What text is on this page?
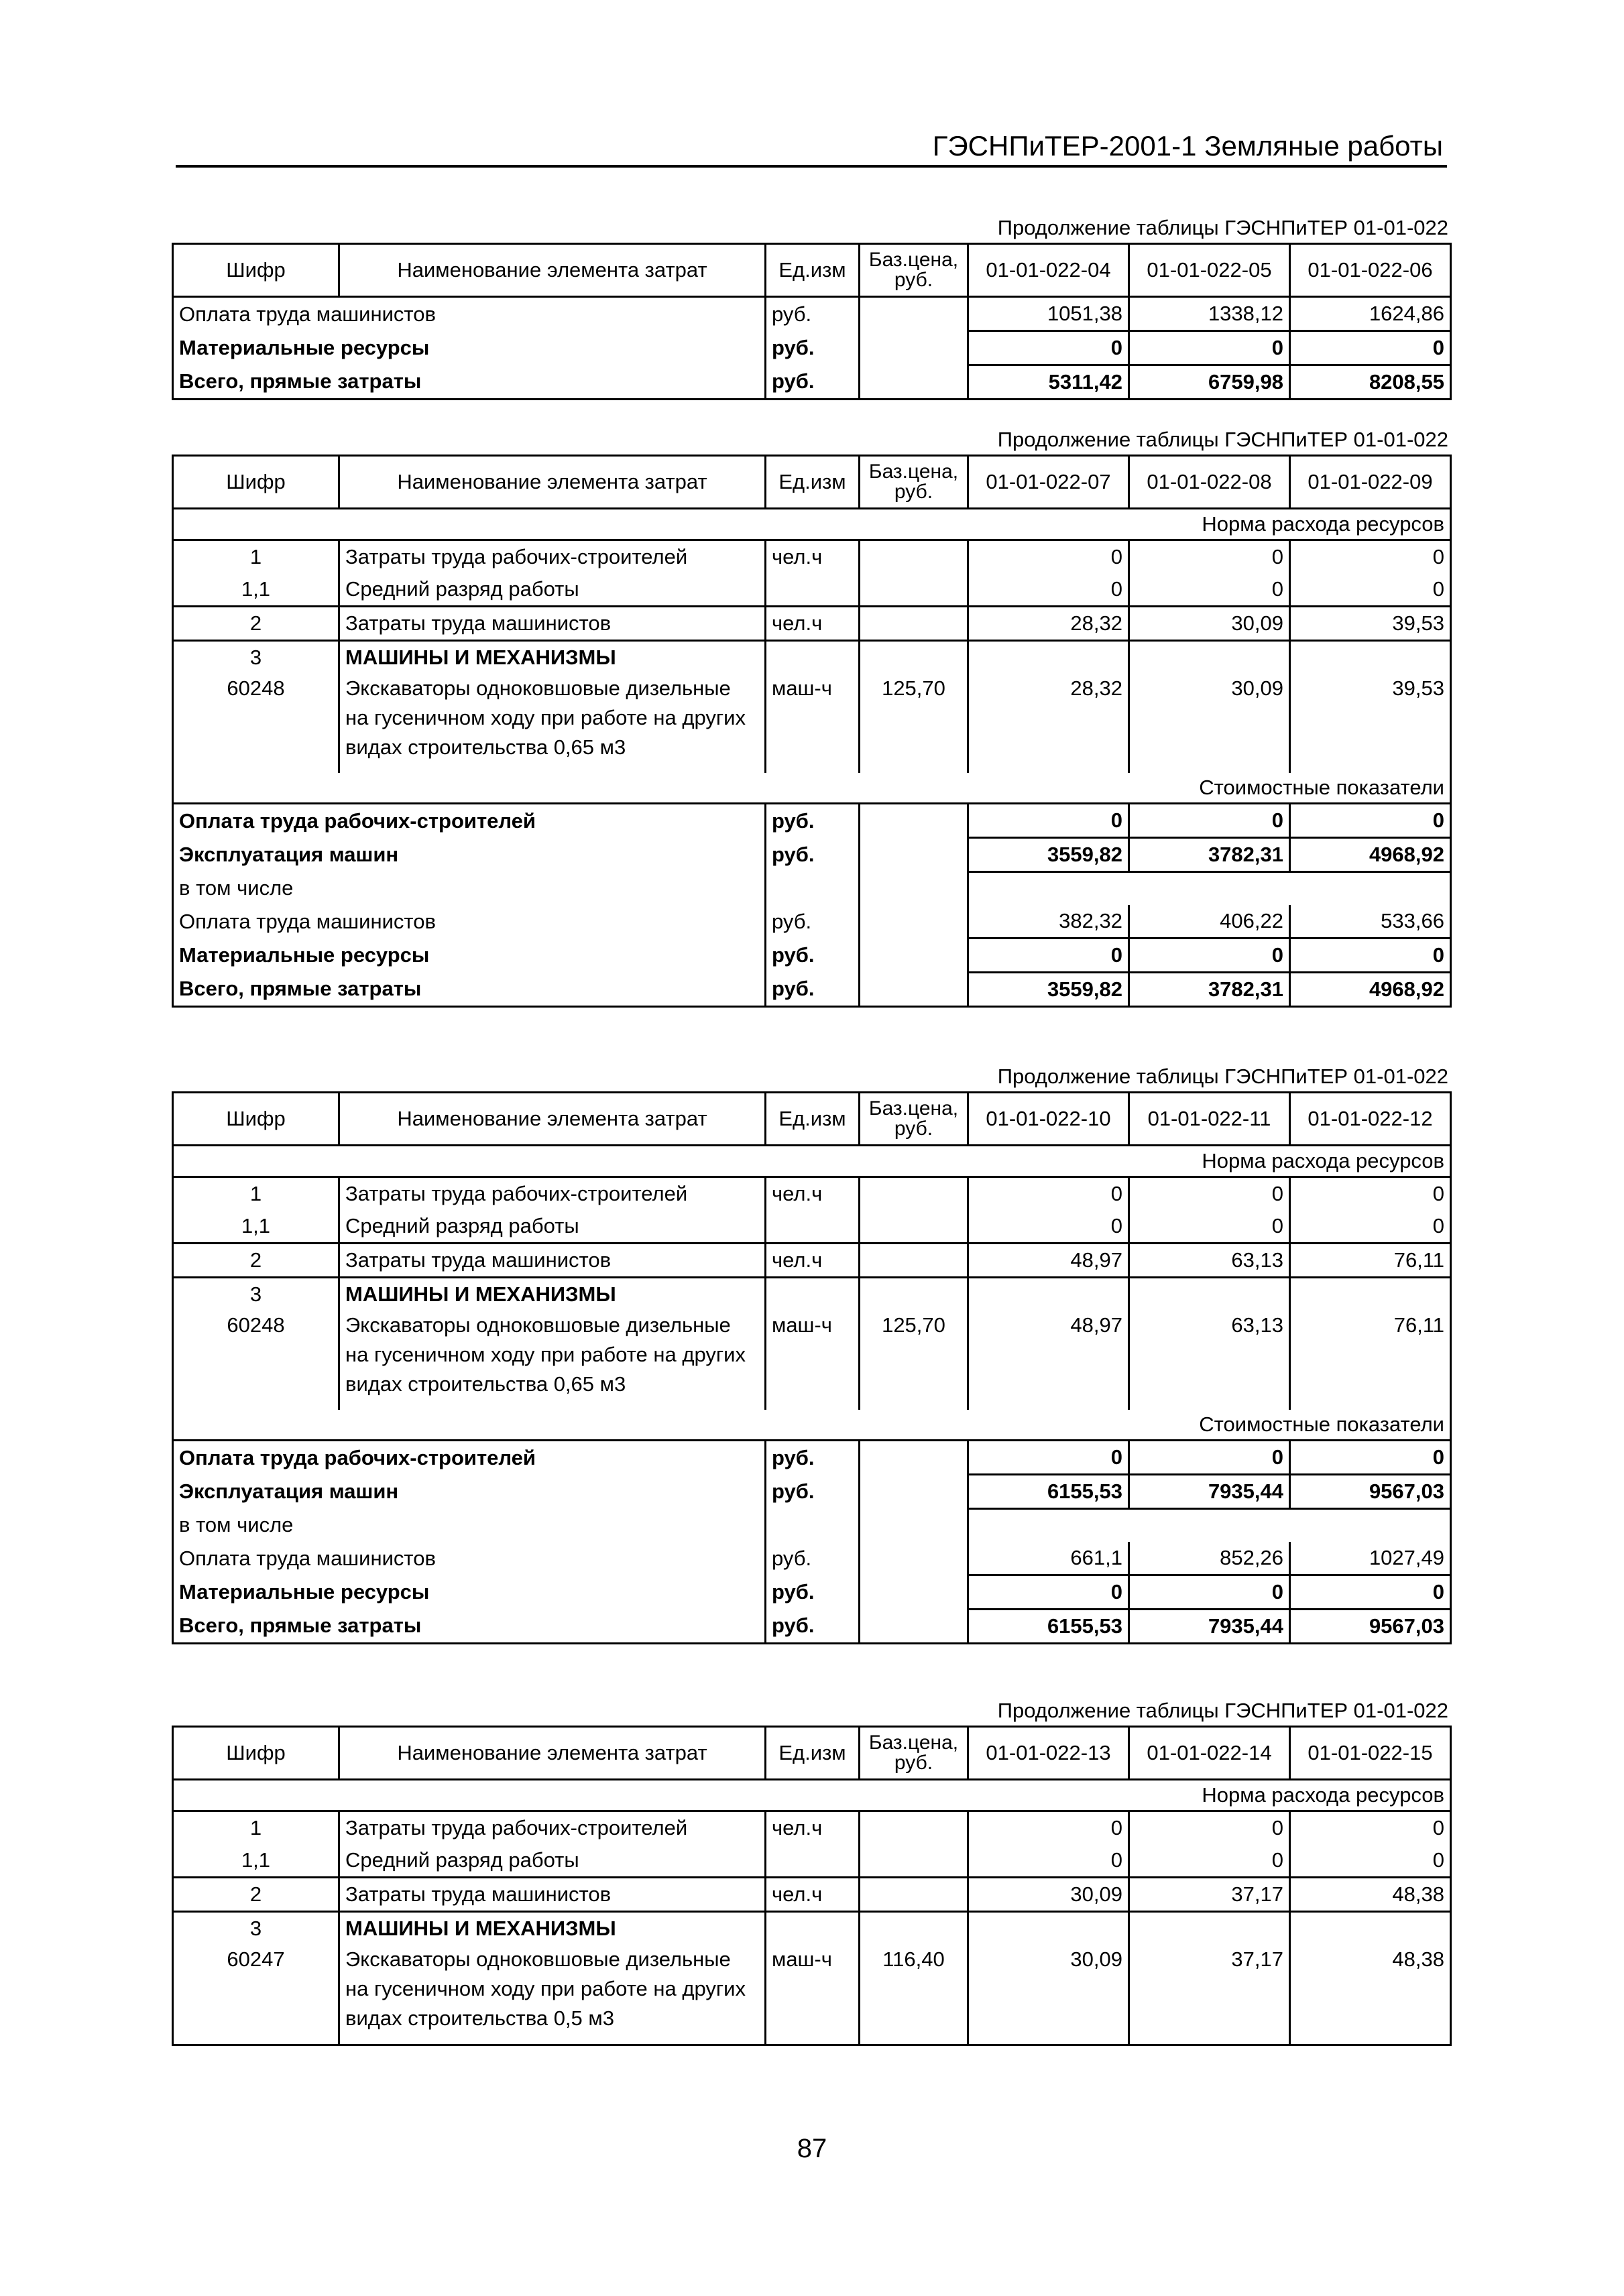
ГЭСНПиТЕР-2001-1 Земляные работы
Продолжение таблицы ГЭСНПиТЕР 01-01-022
Шифр	Наименование элемента затрат	Ед.изм	Баз.цена, руб.	01-01-022-04	01-01-022-05	01-01-022-06
Оплата труда машинистов		руб.		1051,38	1338,12	1624,86
Материальные ресурсы		руб.		0	0	0
Всего, прямые затраты		руб.		5311,42	6759,98	8208,55
Продолжение таблицы ГЭСНПиТЕР 01-01-022
Шифр	Наименование элемента затрат	Ед.изм	Баз.цена, руб.	01-01-022-07	01-01-022-08	01-01-022-09
Норма расхода ресурсов						
1	Затраты труда рабочих-строителей	чел.ч		0	0	0
1,1	Средний разряд работы			0	0	0
2	Затраты труда машинистов	чел.ч		28,32	30,09	39,53
3	МАШИНЫ И МЕХАНИЗМЫ					
60248	Экскаваторы одноковшовые дизельные на гусеничном ходу при работе на других видах строительства 0,65 м3	маш-ч	125,70	28,32	30,09	39,53
Стоимостные показатели						
Оплата труда рабочих-строителей		руб.		0	0	0
Эксплуатация машин		руб.		3559,82	3782,31	4968,92
в том числе						
Оплата труда машинистов		руб.		382,32	406,22	533,66
Материальные ресурсы		руб.		0	0	0
Всего, прямые затраты		руб.		3559,82	3782,31	4968,92
Продолжение таблицы ГЭСНПиТЕР 01-01-022
Шифр	Наименование элемента затрат	Ед.изм	Баз.цена, руб.	01-01-022-10	01-01-022-11	01-01-022-12
Норма расхода ресурсов						
1	Затраты труда рабочих-строителей	чел.ч		0	0	0
1,1	Средний разряд работы			0	0	0
2	Затраты труда машинистов	чел.ч		48,97	63,13	76,11
3	МАШИНЫ И МЕХАНИЗМЫ					
60248	Экскаваторы одноковшовые дизельные на гусеничном ходу при работе на других видах строительства 0,65 м3	маш-ч	125,70	48,97	63,13	76,11
Стоимостные показатели						
Оплата труда рабочих-строителей		руб.		0	0	0
Эксплуатация машин		руб.		6155,53	7935,44	9567,03
в том числе						
Оплата труда машинистов		руб.		661,1	852,26	1027,49
Материальные ресурсы		руб.		0	0	0
Всего, прямые затраты		руб.		6155,53	7935,44	9567,03
Продолжение таблицы ГЭСНПиТЕР 01-01-022
Шифр	Наименование элемента затрат	Ед.изм	Баз.цена, руб.	01-01-022-13	01-01-022-14	01-01-022-15
Норма расхода ресурсов						
1	Затраты труда рабочих-строителей	чел.ч		0	0	0
1,1	Средний разряд работы			0	0	0
2	Затраты труда машинистов	чел.ч		30,09	37,17	48,38
3	МАШИНЫ И МЕХАНИЗМЫ					
60247	Экскаваторы одноковшовые дизельные на гусеничном ходу при работе на других видах строительства 0,5 м3	маш-ч	116,40	30,09	37,17	48,38
87
